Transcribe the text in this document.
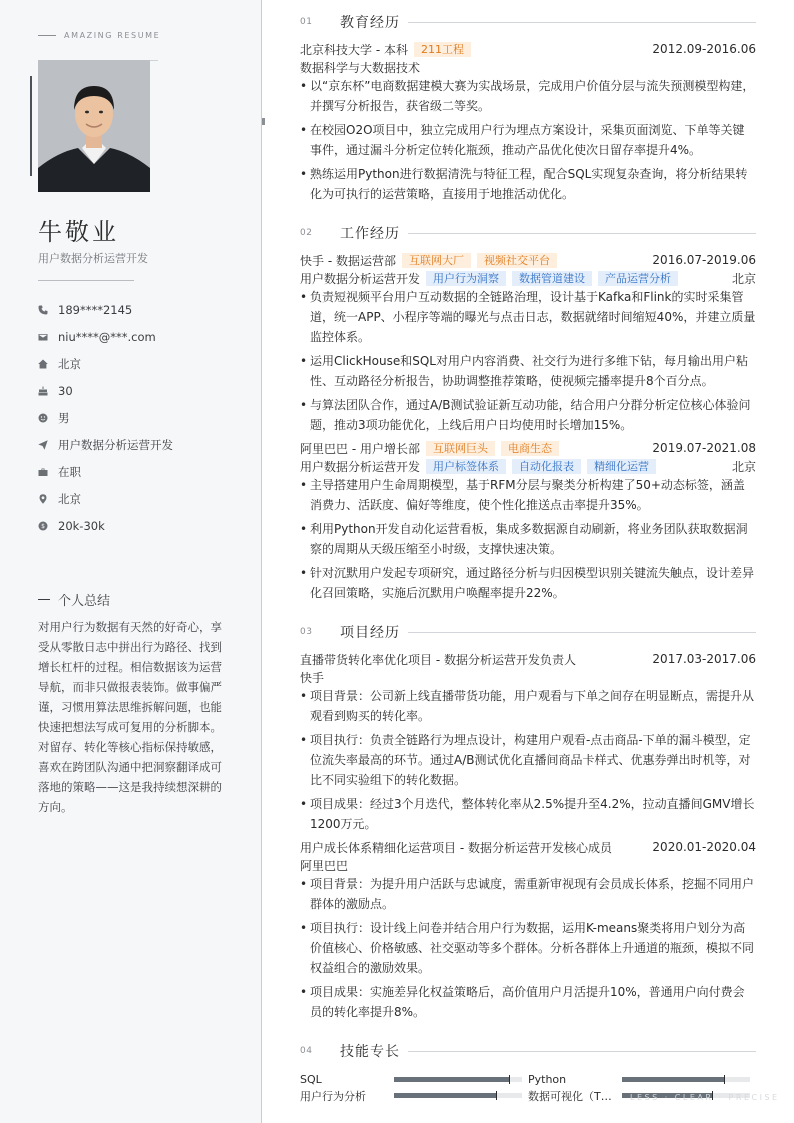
AMAZING RESUME
牛敬业
用户数据分析运营开发
189****2145
niu****@***.com
北京
30
男
用户数据分析运营开发
在职
北京
$ 20k-30k
个人总结
对用户行为数据有天然的好奇心，享受从零散日志中拼出行为路径、找到增长杠杆的过程。相信数据该为运营导航，而非只做报表装饰。做事偏严谨，习惯用算法思维拆解问题，也能快速把想法写成可复用的分析脚本。对留存、转化等核心指标保持敏感，喜欢在跨团队沟通中把洞察翻译成可落地的策略——这是我持续想深耕的方向。
01	教育经历
北京科技大学 - 本科	211工程	2012.09-2016.06
数据科学与大数据技术
• 以“京东杯”电商数据建模大赛为实战场景，完成用户价值分层与流失预测模型构建，并撰写分析报告，获省级二等奖。
• 在校园O2O项目中，独立完成用户行为埋点方案设计，采集页面浏览、下单等关键事件，通过漏斗分析定位转化瓶颈，推动产品优化使次日留存率提升4%。
• 熟练运用Python进行数据清洗与特征工程，配合SQL实现复杂查询，将分析结果转化为可执行的运营策略，直接用于地推活动优化。
02	工作经历
快手 - 数据运营部	互联网大厂	视频社交平台	2016.07-2019.06
用户数据分析运营开发	用户行为洞察	数据管道建设	产品运营分析	北京
• 负责短视频平台用户互动数据的全链路治理，设计基于Kafka和Flink的实时采集管道，统一APP、小程序等端的曝光与点击日志，数据就绪时间缩短40%，并建立质量监控体系。
• 运用ClickHouse和SQL对用户内容消费、社交行为进行多维下钻，每月输出用户粘性、互动路径分析报告，协助调整推荐策略，使视频完播率提升8个百分点。
• 与算法团队合作，通过A/B测试验证新互动功能，结合用户分群分析定位核心体验问题，推动3项功能优化，上线后用户日均使用时长增加15%。
阿里巴巴 - 用户增长部	互联网巨头	电商生态	2019.07-2021.08
用户数据分析运营开发	用户标签体系	自动化报表	精细化运营	北京
• 主导搭建用户生命周期模型，基于RFM分层与聚类分析构建了50+动态标签，涵盖消费力、活跃度、偏好等维度，使个性化推送点击率提升35%。
• 利用Python开发自动化运营看板，集成多数据源自动刷新，将业务团队获取数据洞察的周期从天级压缩至小时级，支撑快速决策。
• 针对沉默用户发起专项研究，通过路径分析与归因模型识别关键流失触点，设计差异化召回策略，实施后沉默用户唤醒率提升22%。
03	项目经历
直播带货转化率优化项目 - 数据分析运营开发负责人	2017.03-2017.06
快手
• 项目背景：公司新上线直播带货功能，用户观看与下单之间存在明显断点，需提升从观看到购买的转化率。
• 项目执行：负责全链路行为埋点设计，构建用户观看-点击商品-下单的漏斗模型，定位流失率最高的环节。通过A/B测试优化直播间商品卡样式、优惠券弹出时机等，对比不同实验组下的转化数据。
• 项目成果：经过3个月迭代，整体转化率从2.5%提升至4.2%，拉动直播间GMV增长1200万元。
用户成长体系精细化运营项目 - 数据分析运营开发核心成员	2020.01-2020.04
阿里巴巴
• 项目背景：为提升用户活跃与忠诚度，需重新审视现有会员成长体系，挖掘不同用户群体的激励点。
• 项目执行：设计线上问卷并结合用户行为数据，运用K-means聚类将用户划分为高价值核心、价格敏感、社交驱动等多个群体。分析各群体上升通道的瓶颈，模拟不同权益组合的激励效果。
• 项目成果：实施差异化权益策略后，高价值用户月活提升10%，普通用户向付费会员的转化率提升8%。
04	技能专长
SQL	Python
用户行为分析	数据可视化（T…	LESS · CLEAR · PRECISE
